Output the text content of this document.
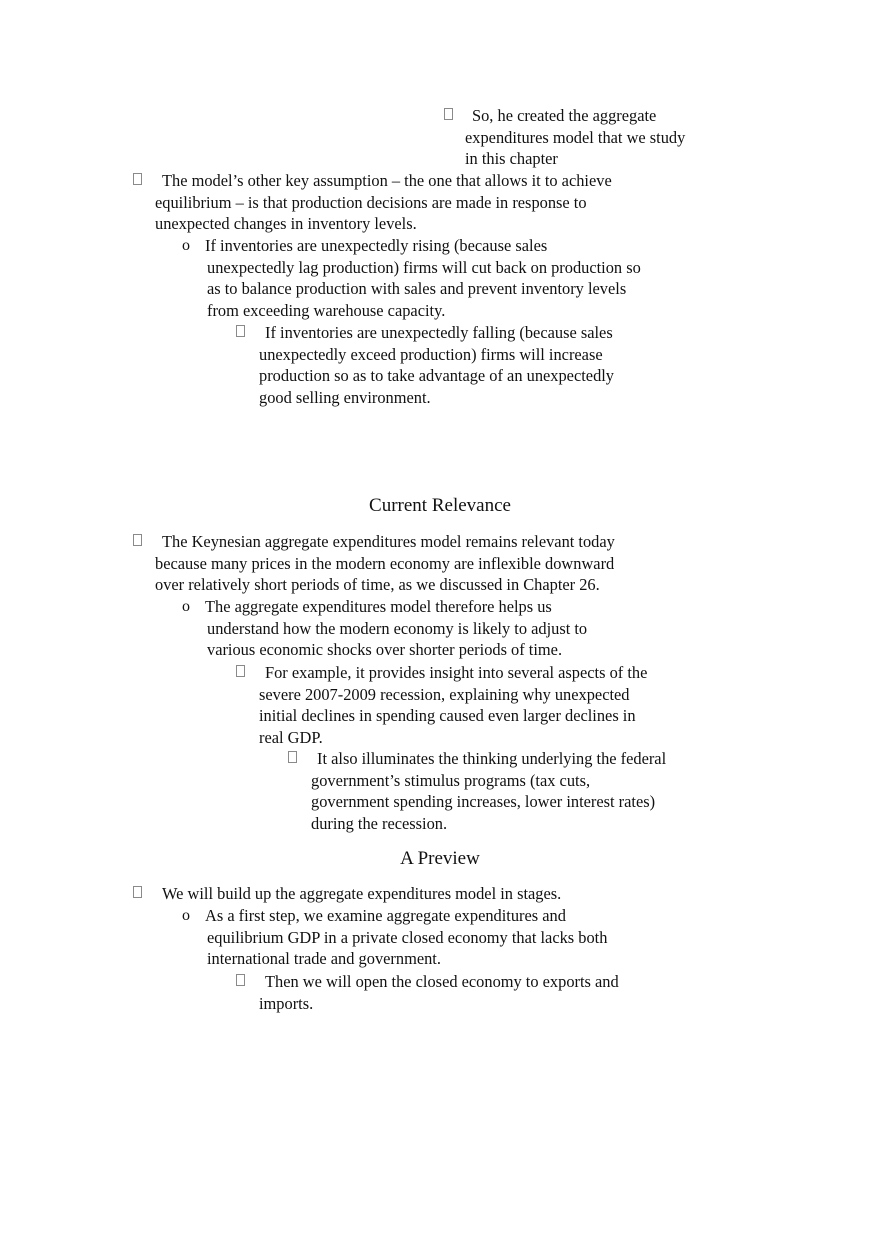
So, he created the aggregate
expenditures model that we study
in this chapter
The model’s other key assumption – the one that allows it to achieve
equilibrium – is that production decisions are made in response to
unexpected changes in inventory levels.
o If inventories are unexpectedly rising (because sales
unexpectedly lag production) firms will cut back on production so
as to balance production with sales and prevent inventory levels
from exceeding warehouse capacity.
If inventories are unexpectedly falling (because sales
unexpectedly exceed production) firms will increase
production so as to take advantage of an unexpectedly
good selling environment.
Current Relevance
The Keynesian aggregate expenditures model remains relevant today
because many prices in the modern economy are inflexible downward
over relatively short periods of time, as we discussed in Chapter 26.
o The aggregate expenditures model therefore helps us
understand how the modern economy is likely to adjust to
various economic shocks over shorter periods of time.
For example, it provides insight into several aspects of the
severe 2007-2009 recession, explaining why unexpected
initial declines in spending caused even larger declines in
real GDP.
It also illuminates the thinking underlying the federal
government’s stimulus programs (tax cuts,
government spending increases, lower interest rates)
during the recession.
A Preview
We will build up the aggregate expenditures model in stages.
o As a first step, we examine aggregate expenditures and
equilibrium GDP in a private closed economy that lacks both
international trade and government.
Then we will open the closed economy to exports and
imports.
